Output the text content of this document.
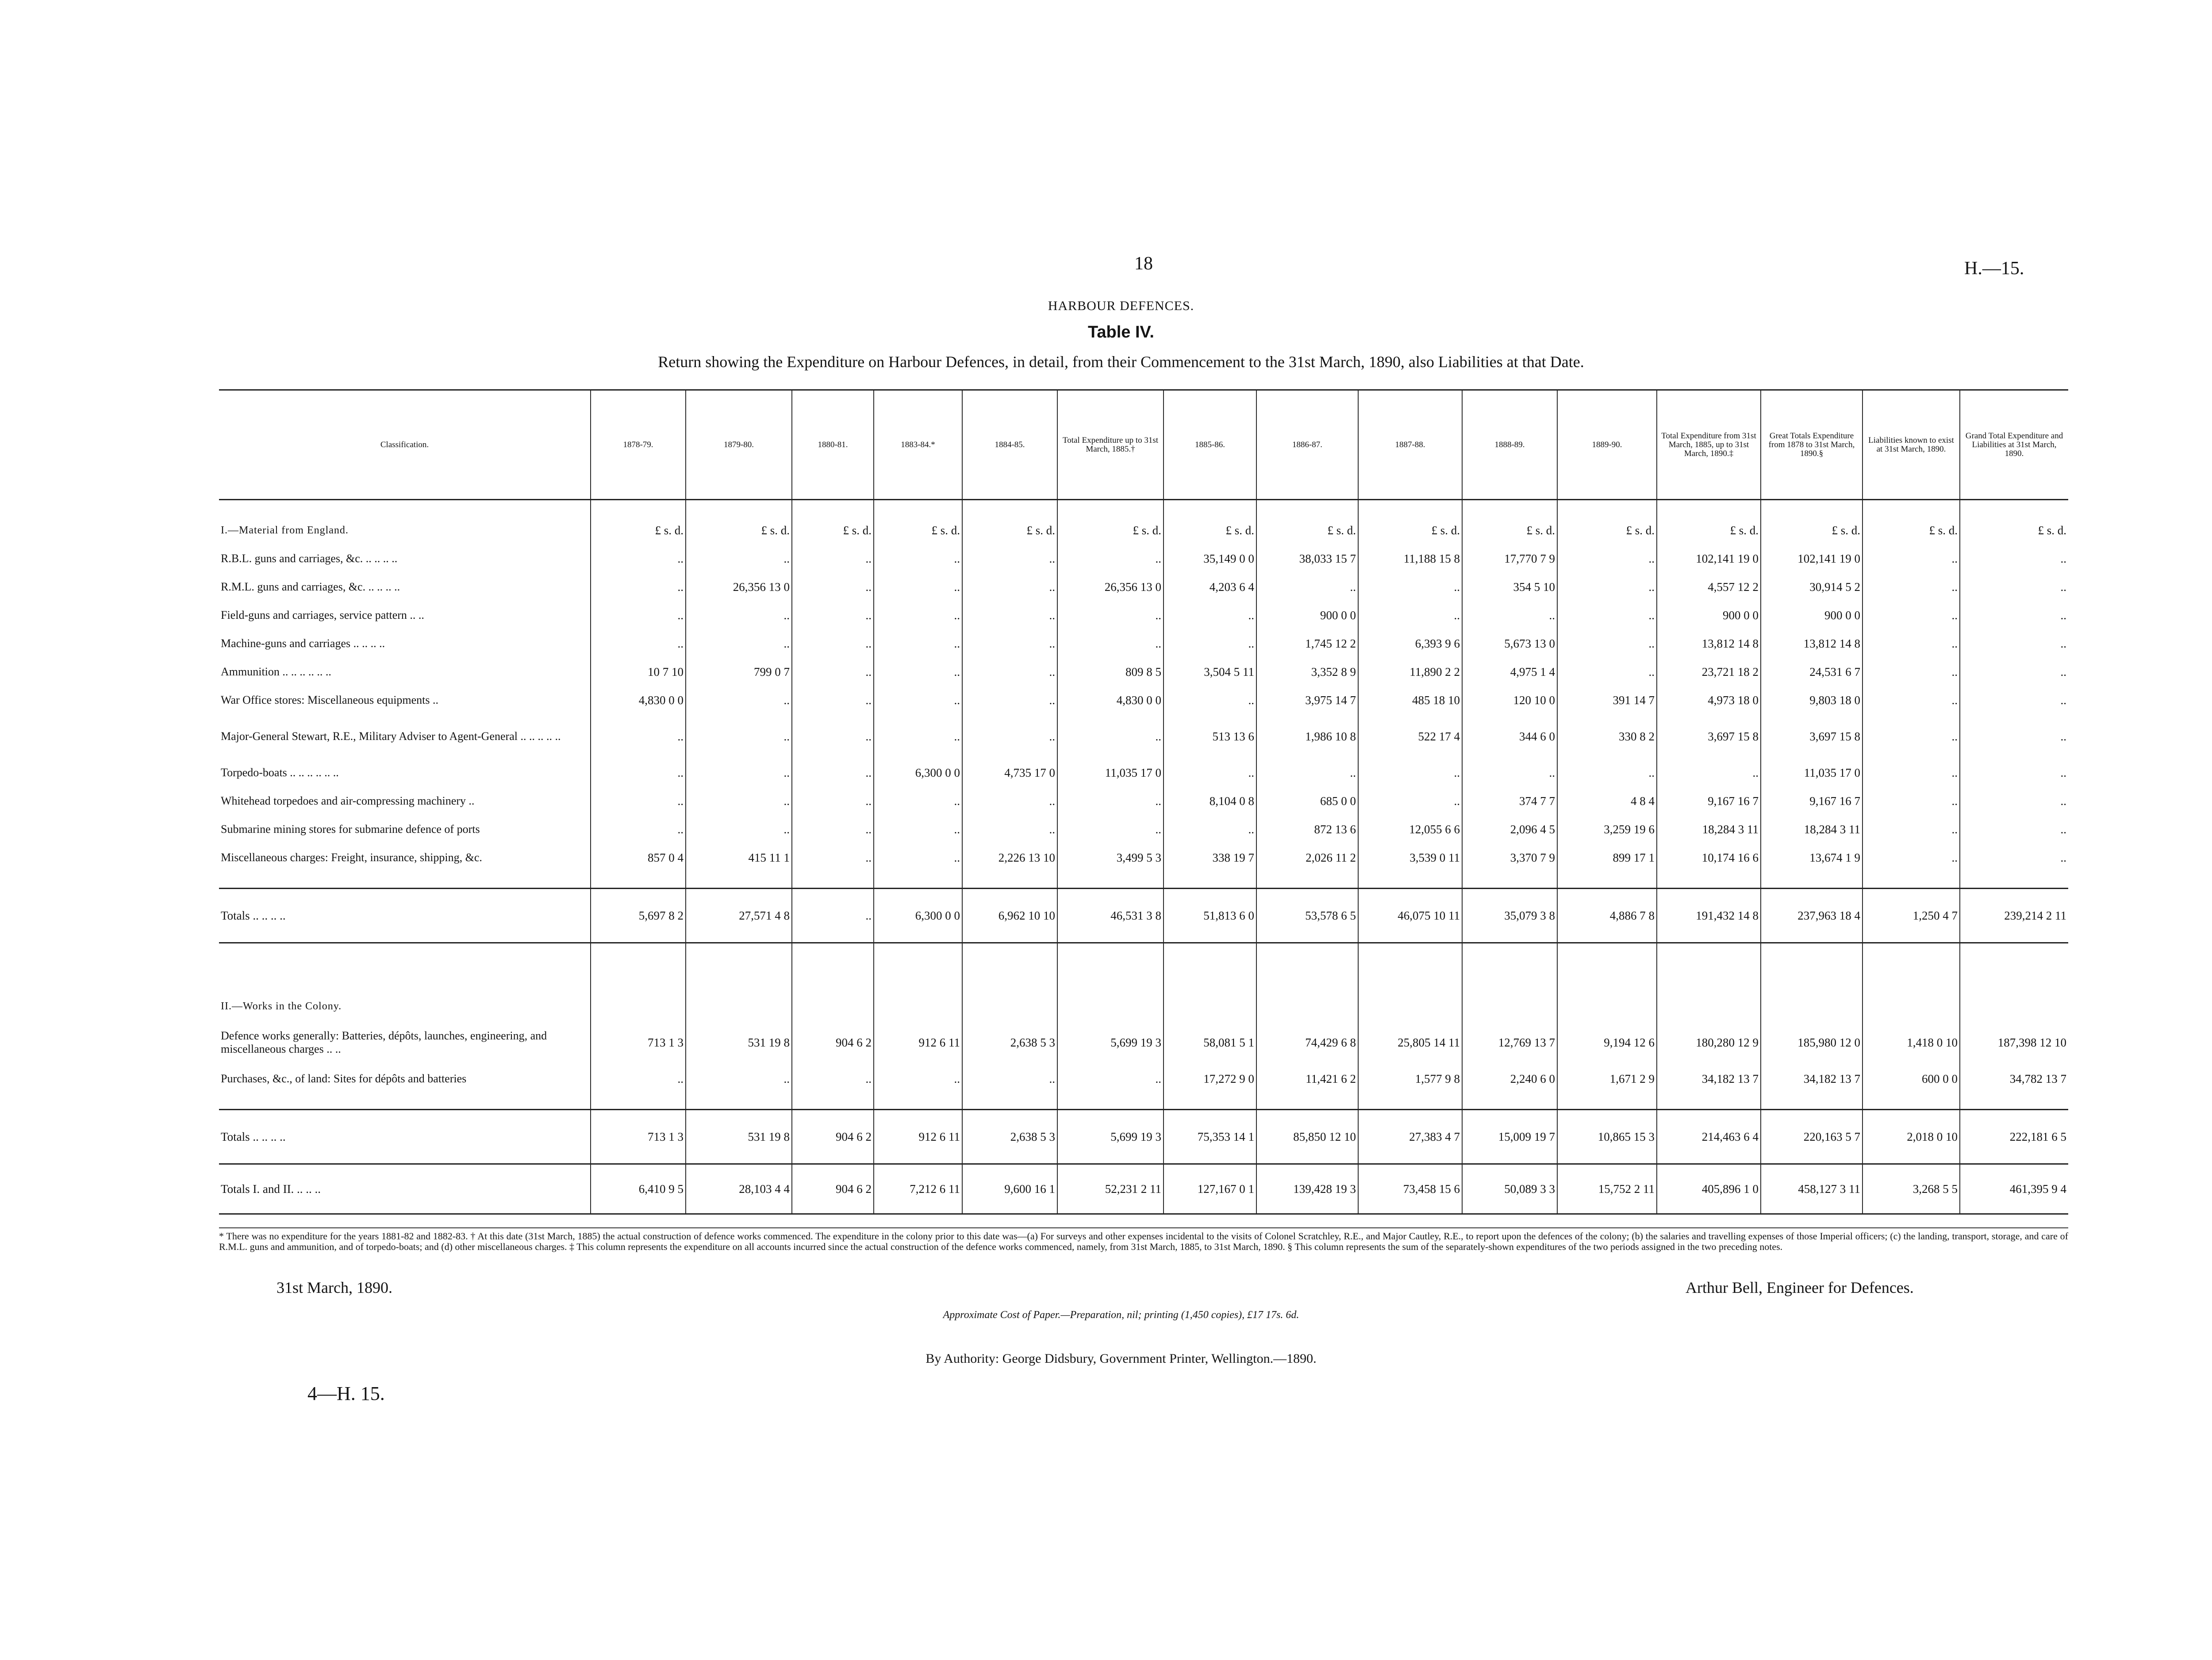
18	H.—15.
HARBOUR DEFENCES.
Table IV.
Return showing the Expenditure on Harbour Defences, in detail, from their Commencement to the 31st March, 1890, also Liabilities at that Date.
Classification.	1878-79.	1879-80.	1880-81.	1883-84.*	1884-85.	Total Expenditure up to 31st March, 1885.†	1885-86.	1886-87.	1887-88.	1888-89.	1889-90.	Total Expenditure from 31st March, 1885, up to 31st March, 1890.‡	Great Totals Expenditure from 1878 to 31st March, 1890.§	Liabilities known to exist at 31st March, 1890.	Grand Total Expenditure and Liabilities at 31st March, 1890.

I.—Material from England.	£ s. d.	£ s. d.	£ s. d.	£ s. d.	£ s. d.	£ s. d.	£ s. d.	£ s. d.	£ s. d.	£ s. d.	£ s. d.	£ s. d.	£ s. d.	£ s. d.	£ s. d.
R.B.L. guns and carriages, &c. .. .. .. ..	..	..	..	..	..	..	35,149 0 0	38,033 15 7	11,188 15 8	17,770 7 9	..	102,141 19 0	102,141 19 0	..	..
R.M.L. guns and carriages, &c. .. .. .. ..	..	26,356 13 0	..	..	..	26,356 13 0	4,203 6 4	..	..	354 5 10	..	4,557 12 2	30,914 5 2	..	..
Field-guns and carriages, service pattern .. ..	..	..	..	..	..	..	..	900 0 0	..	..	..	900 0 0	900 0 0	..	..
Machine-guns and carriages .. .. .. ..	..	..	..	..	..	..	..	1,745 12 2	6,393 9 6	5,673 13 0	..	13,812 14 8	13,812 14 8	..	..
Ammunition .. .. .. .. .. ..	10 7 10	799 0 7	..	..	..	809 8 5	3,504 5 11	3,352 8 9	11,890 2 2	4,975 1 4	..	23,721 18 2	24,531 6 7	..	..
War Office stores: Miscellaneous equipments ..	4,830 0 0	..	..	..	..	4,830 0 0	..	3,975 14 7	485 18 10	120 10 0	391 14 7	4,973 18 0	9,803 18 0	..	..
Major-General Stewart, R.E., Military Adviser to Agent-General .. .. .. .. ..	..	..	..	..	..	..	513 13 6	1,986 10 8	522 17 4	344 6 0	330 8 2	3,697 15 8	3,697 15 8	..	..
Torpedo-boats .. .. .. .. .. ..	..	..	..	6,300 0 0	4,735 17 0	11,035 17 0	..	..	..	..	..	..	11,035 17 0	..	..
Whitehead torpedoes and air-compressing machinery ..	..	..	..	..	..	..	8,104 0 8	685 0 0	..	374 7 7	4 8 4	9,167 16 7	9,167 16 7	..	..
Submarine mining stores for submarine defence of ports	..	..	..	..	..	..	..	872 13 6	12,055 6 6	2,096 4 5	3,259 19 6	18,284 3 11	18,284 3 11	..	..
Miscellaneous charges: Freight, insurance, shipping, &c.	857 0 4	415 11 1	..	..	2,226 13 10	3,499 5 3	338 19 7	2,026 11 2	3,539 0 11	3,370 7 9	899 17 1	10,174 16 6	13,674 1 9	..	..

Totals .. .. .. ..	5,697 8 2	27,571 4 8	..	6,300 0 0	6,962 10 10	46,531 3 8	51,813 6 0	53,578 6 5	46,075 10 11	35,079 3 8	4,886 7 8	191,432 14 8	237,963 18 4	1,250 4 7	239,214 2 11

II.—Works in the Colony.															
Defence works generally: Batteries, dépôts, launches, engineering, and miscellaneous charges .. ..	713 1 3	531 19 8	904 6 2	912 6 11	2,638 5 3	5,699 19 3	58,081 5 1	74,429 6 8	25,805 14 11	12,769 13 7	9,194 12 6	180,280 12 9	185,980 12 0	1,418 0 10	187,398 12 10
Purchases, &c., of land: Sites for dépôts and batteries	..	..	..	..	..	..	17,272 9 0	11,421 6 2	1,577 9 8	2,240 6 0	1,671 2 9	34,182 13 7	34,182 13 7	600 0 0	34,782 13 7

Totals .. .. .. ..	713 1 3	531 19 8	904 6 2	912 6 11	2,638 5 3	5,699 19 3	75,353 14 1	85,850 12 10	27,383 4 7	15,009 19 7	10,865 15 3	214,463 6 4	220,163 5 7	2,018 0 10	222,181 6 5
Totals I. and II. .. .. ..	6,410 9 5	28,103 4 4	904 6 2	7,212 6 11	9,600 16 1	52,231 2 11	127,167 0 1	139,428 19 3	73,458 15 6	50,089 3 3	15,752 2 11	405,896 1 0	458,127 3 11	3,268 5 5	461,395 9 4
* There was no expenditure for the years 1881-82 and 1882-83. † At this date (31st March, 1885) the actual construction of defence works commenced. The expenditure in the colony prior to this date was—(a) For surveys and other expenses incidental to the visits of Colonel Scratchley, R.E., and Major Cautley, R.E., to report upon the defences of the colony; (b) the salaries and travelling expenses of those Imperial officers; (c) the landing, transport, storage, and care of R.M.L. guns and ammunition, and of torpedo-boats; and (d) other miscellaneous charges. ‡ This column represents the expenditure on all accounts incurred since the actual construction of the defence works commenced, namely, from 31st March, 1885, to 31st March, 1890. § This column represents the sum of the separately-shown expenditures of the two periods assigned in the two preceding notes.
31st March, 1890.	Arthur Bell, Engineer for Defences.
Approximate Cost of Paper.—Preparation, nil; printing (1,450 copies), £17 17s. 6d.
By Authority: George Didsbury, Government Printer, Wellington.—1890.
4—H. 15.
